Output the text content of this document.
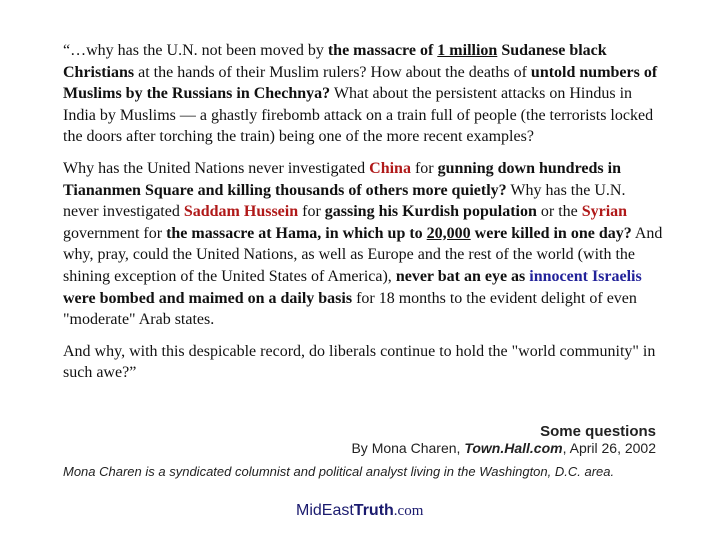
“…why has the U.N. not been moved by the massacre of 1 million Sudanese black Christians at the hands of their Muslim rulers? How about the deaths of untold numbers of Muslims by the Russians in Chechnya? What about the persistent attacks on Hindus in India by Muslims — a ghastly firebomb attack on a train full of people (the terrorists locked the doors after torching the train) being one of the more recent examples?

Why has the United Nations never investigated China for gunning down hundreds in Tiananmen Square and killing thousands of others more quietly? Why has the U.N. never investigated Saddam Hussein for gassing his Kurdish population or the Syrian government for the massacre at Hama, in which up to 20,000 were killed in one day? And why, pray, could the United Nations, as well as Europe and the rest of the world (with the shining exception of the United States of America), never bat an eye as innocent Israelis were bombed and maimed on a daily basis for 18 months to the evident delight of even "moderate" Arab states.

And why, with this despicable record, do liberals continue to hold the "world community" in such awe?”

Some questions
By Mona Charen, Town.Hall.com, April 26, 2002
Mona Charen is a syndicated columnist and political analyst living in the Washington, D.C. area.
MidEastTruth.com
